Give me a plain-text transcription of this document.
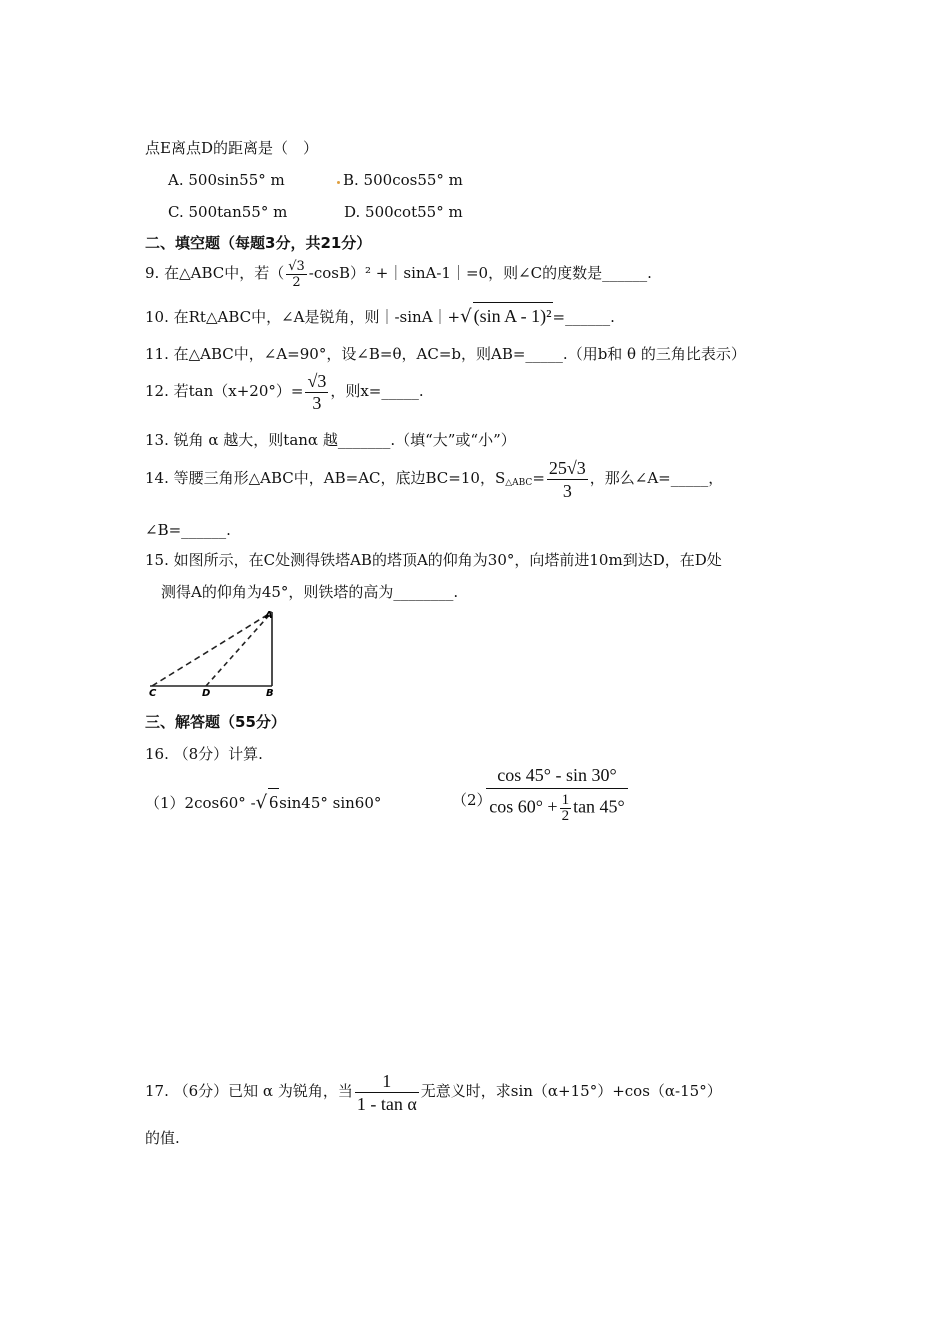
点E离点D的距离是（　）
A. 500sin55° m	B. 500cos55° m
C. 500tan55° m	D. 500cot55° m
二、填空题（每题3分，共21分）
9. 在△ABC中，若（ $\frac{√3}{2} -\cos B)^2$ +｜sinA-1｜=0，则∠C的度数是______.
10. 在Rt△ABC中，∠A是锐角，则｜-sinA｜+√ (sin A - 1)²=______.
11. 在△ABC中，∠A=90°，设∠B=θ，AC=b，则AB=_____.（用b和 θ 的三角比表示）
12. 若$\tan(x+20^\circ)= \frac{√3}{3}$ ，则x=_____.
13. 锐角 α 越大，则tanα 越_______.（填“大”或“小”）
14. 等腰三角形△ABC中，AB=AC，底边BC=10，$S_{\triangle ABC}= \frac{25√3}{3}$ ，那么∠A=_____，
∠B=______.
15. 如图所示，在C处测得铁塔AB的塔顶A的仰角为30°，向塔前进10m到达D，在D处
测得A的仰角为45°，则铁塔的高为________.
A
B
C	D
三、解答题（55分）
16. （8分）计算.
（1）2cos60° -√ 6sin45° sin60°	（2）
$\frac{\cos 45^\circ - \sin 30^\circ}{\cos 60^\circ + \frac{1}{2} \tan 45^\circ}$
17. （6分）已知 α 为锐角，当 $\frac{1}{\text{1 - tan α}}$ 无意义时，求sin（α+15°）+cos（α-15°）
的值.
